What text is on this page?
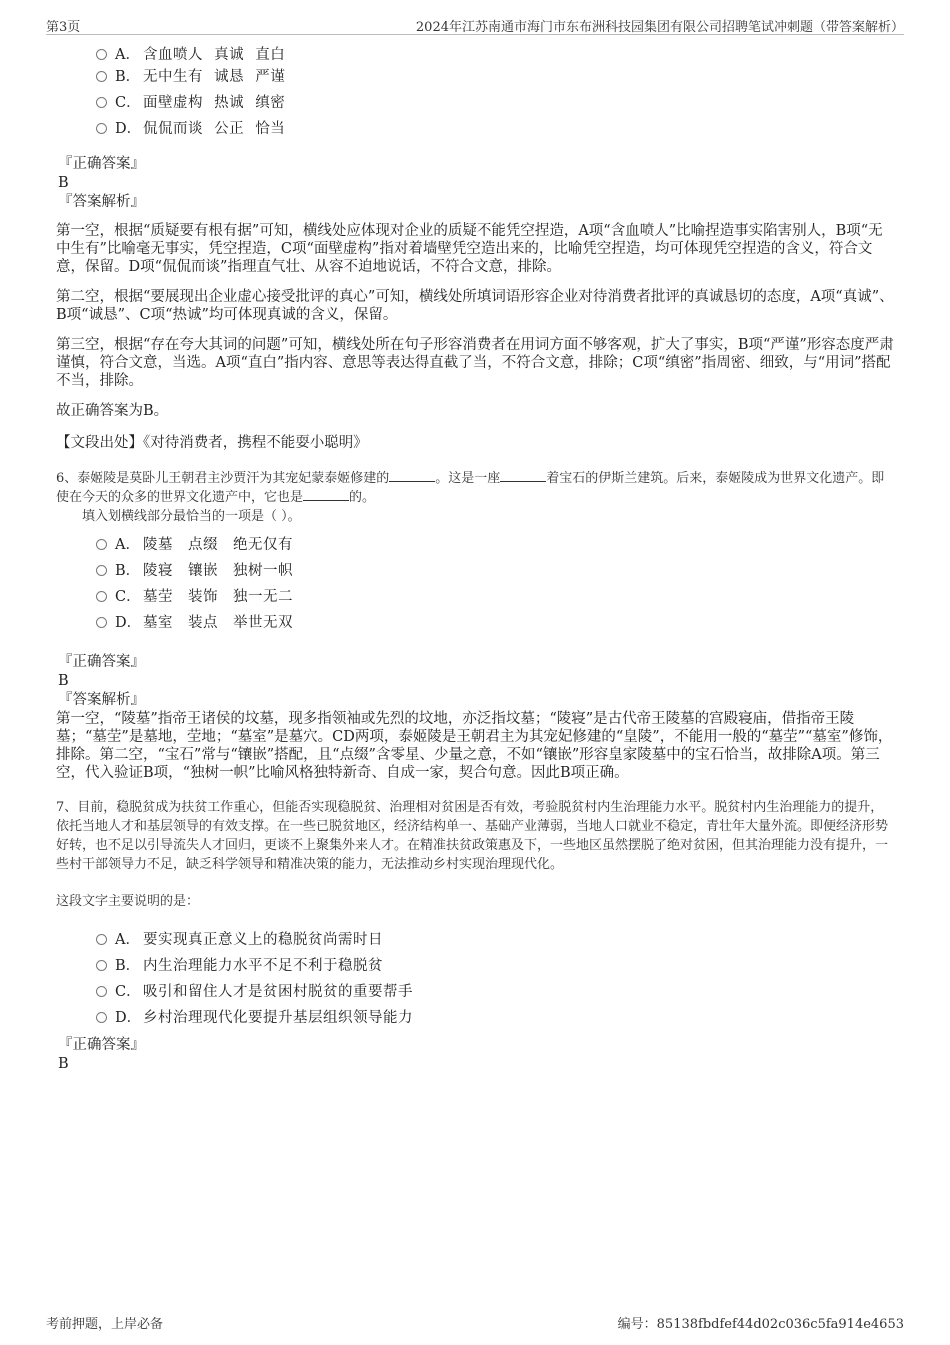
第3页	2024年江苏南通市海门市东布洲科技园集团有限公司招聘笔试冲刺题（带答案解析）
A． 含血喷人 真诚 直白
B． 无中生有 诚恳 严谨
C． 面壁虚构 热诚 缜密
D． 侃侃而谈 公正 恰当
『正确答案』
B
『答案解析』

第一空，根据“质疑要有根有据”可知，横线处应体现对企业的质疑不能凭空捏造，A项“含血喷人”比喻捏造事实陷害别人，B项“无中生有”比喻毫无事实，凭空捏造，C项“面壁虚构”指对着墙壁凭空造出来的，比喻凭空捏造，均可体现凭空捏造的含义，符合文意，保留。D项“侃侃而谈”指理直气壮、从容不迫地说话，不符合文意，排除。

第二空，根据“要展现出企业虚心接受批评的真心”可知，横线处所填词语形容企业对待消费者批评的真诚恳切的态度，A项“真诚”、B项“诚恳”、C项“热诚”均可体现真诚的含义，保留。

第三空，根据“存在夸大其词的问题”可知，横线处所在句子形容消费者在用词方面不够客观，扩大了事实，B项“严谨”形容态度严肃谨慎，符合文意，当选。A项“直白”指内容、意思等表达得直截了当，不符合文意，排除；C项“缜密”指周密、细致，与“用词”搭配不当，排除。

故正确答案为B。

【文段出处】《对待消费者，携程不能耍小聪明》

6、泰姬陵是莫卧儿王朝君主沙贾汗为其宠妃蒙泰姬修建的	。这是一座	着宝石的伊斯兰建筑。后来，泰姬陵成为世界文化遗产。即使在今天的众多的世界文化遗产中，它也是	的。

填入划横线部分最恰当的一项是（ ）。

A． 陵墓　点缀　绝无仅有
B． 陵寝　镶嵌　独树一帜
C． 墓茔　装饰　独一无二
D． 墓室　装点　举世无双
『正确答案』
B
『答案解析』

第一空，“陵墓”指帝王诸侯的坟墓，现多指领袖或先烈的坟地，亦泛指坟墓；“陵寝”是古代帝王陵墓的宫殿寝庙，借指帝王陵墓；“墓茔”是墓地，茔地；“墓室”是墓穴。CD两项，泰姬陵是王朝君主为其宠妃修建的“皇陵”，不能用一般的“墓茔”“墓室”修饰，排除。第二空，“宝石”常与“镶嵌”搭配，且“点缀”含零星、少量之意，不如“镶嵌”形容皇家陵墓中的宝石恰当，故排除A项。第三空，代入验证B项，“独树一帜”比喻风格独特新奇、自成一家，契合句意。因此B项正确。

7、目前，稳脱贫成为扶贫工作重心，但能否实现稳脱贫、治理相对贫困是否有效，考验脱贫村内生治理能力水平。脱贫村内生治理能力的提升，依托当地人才和基层领导的有效支撑。在一些已脱贫地区，经济结构单一、基础产业薄弱，当地人口就业不稳定，青壮年大量外流。即便经济形势好转，也不足以引导流失人才回归，更谈不上聚集外来人才。在精准扶贫政策惠及下，一些地区虽然摆脱了绝对贫困，但其治理能力没有提升，一些村干部领导力不足，缺乏科学领导和精准决策的能力，无法推动乡村实现治理现代化。

这段文字主要说明的是：

A． 要实现真正意义上的稳脱贫尚需时日
B． 内生治理能力水平不足不利于稳脱贫
C． 吸引和留住人才是贫困村脱贫的重要帮手
D． 乡村治理现代化要提升基层组织领导能力
『正确答案』
B
考前押题，上岸必备	编号：85138fbdfef44d02c036c5fa914e4653
